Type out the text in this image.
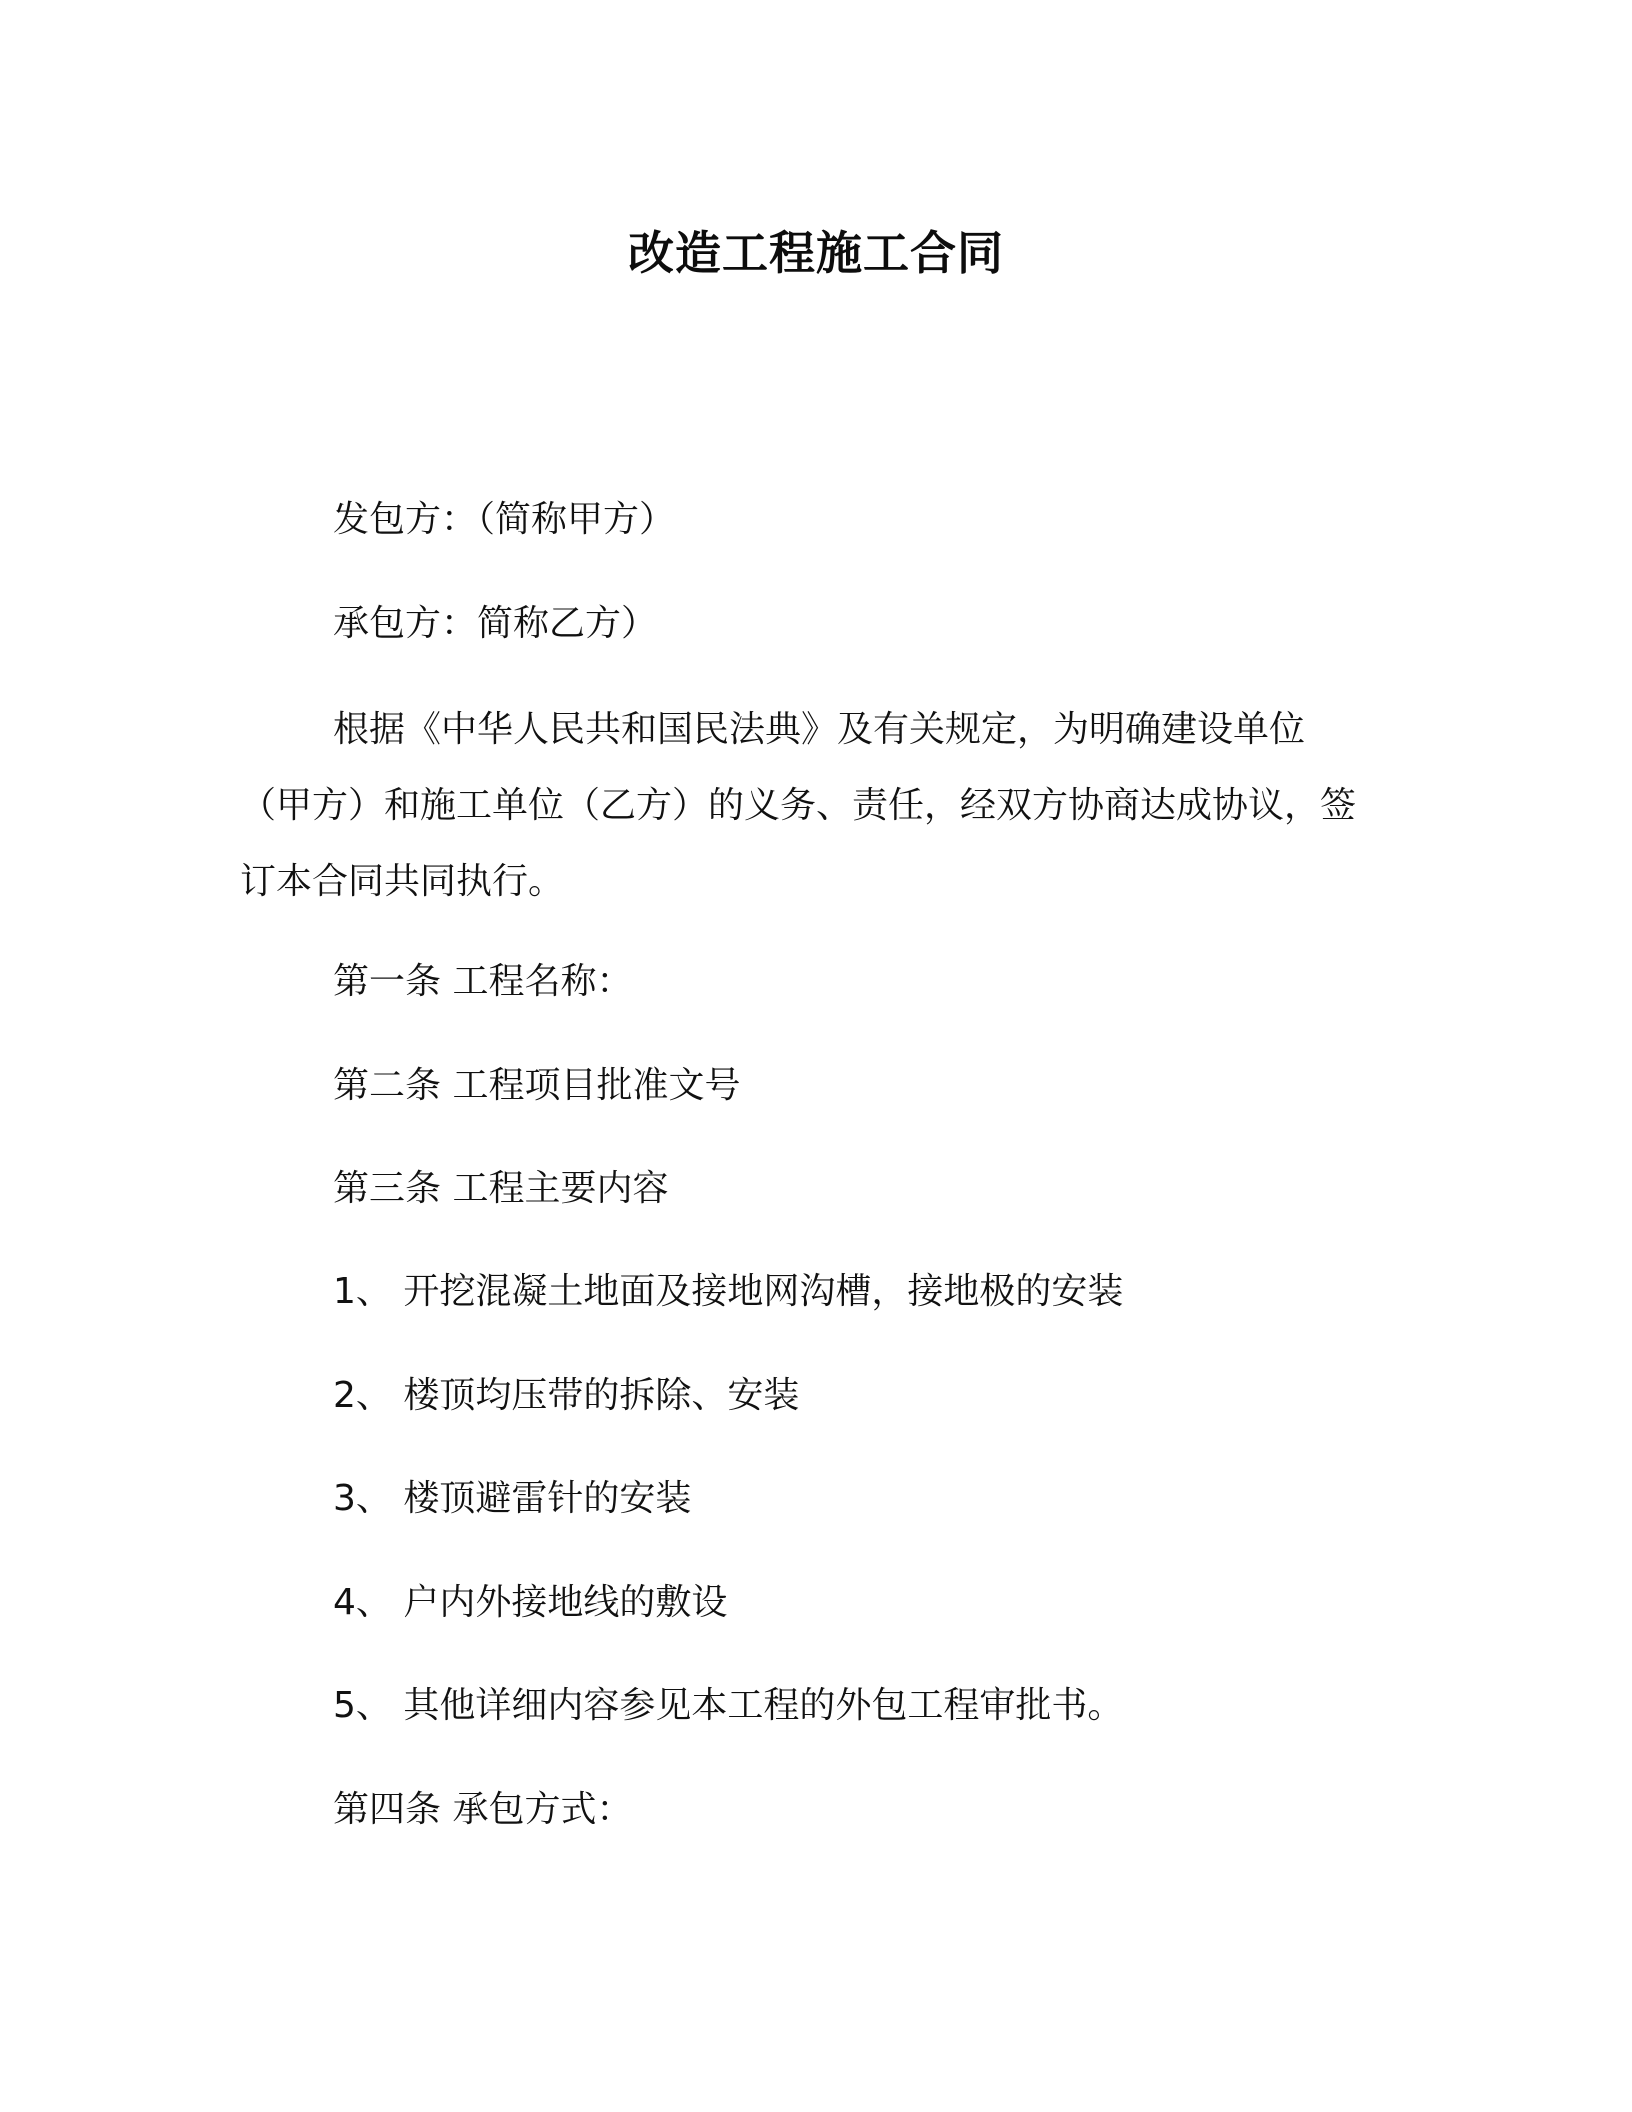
改造工程施工合同
发包方：（简称甲方）
承包方：简称乙方）
根据《中华人民共和国民法典》及有关规定，为明确建设单位（甲方）和施工单位（乙方）的义务、责任，经双方协商达成协议，签订本合同共同执行。
第一条 工程名称：
第二条 工程项目批准文号
第三条 工程主要内容
1、 开挖混凝土地面及接地网沟槽，接地极的安装
2、 楼顶均压带的拆除、安装
3、 楼顶避雷针的安装
4、 户内外接地线的敷设
5、 其他详细内容参见本工程的外包工程审批书。
第四条 承包方式：
